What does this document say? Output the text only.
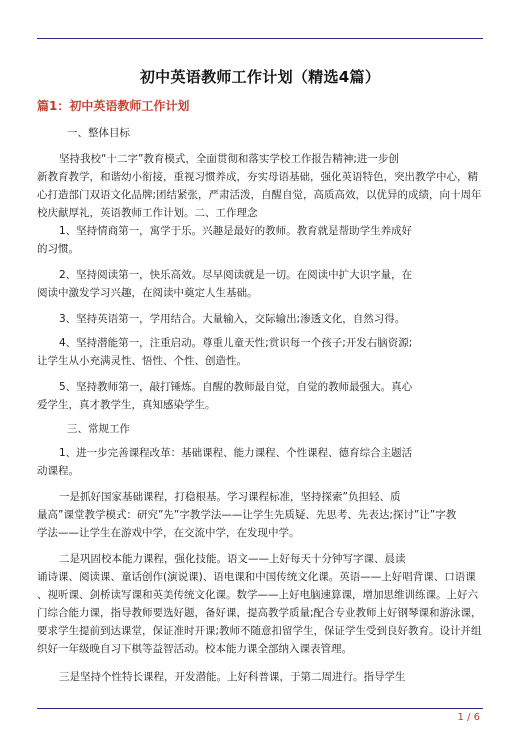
初中英语教师工作计划（精选4篇）
篇1：初中英语教师工作计划
一、整体目标
坚持我校“十二字”教育模式，全面贯彻和落实学校工作报告精神;进一步创
新教育教学，和谐幼小衔接，重视习惯养成，夯实母语基础，强化英语特色，突出教学中心，精
心打造部门双语文化品牌;团结紧张，严肃活泼，自醒自觉，高质高效，以优异的成绩，向十周年
校庆献厚礼，英语教师工作计划。二、工作理念
1、坚持情商第一，寓学于乐。兴趣是最好的教师。教育就是帮助学生养成好
的习惯。
2、坚持阅读第一，快乐高效。尽早阅读就是一切。在阅读中扩大识字量，在
阅读中激发学习兴趣，在阅读中奠定人生基础。
3、坚持英语第一，学用结合。大量输入，交际输出;渗透文化，自然习得。
4、坚持潜能第一，注重启动。尊重儿童天性;赏识每一个孩子;开发右脑资源;
让学生从小充满灵性、悟性、个性、创造性。
5、坚持教师第一，敲打锤炼。自醒的教师最自觉，自觉的教师最强大。真心
爱学生，真才教学生，真知感染学生。
三、常规工作
1、进一步完善课程改革：基础课程、能力课程、个性课程、德育综合主题活
动课程。
一是抓好国家基础课程，打稳根基。学习课程标准，坚持探索”负担轻、质
量高”课堂教学模式：研究”先”字教学法——让学生先质疑、先思考、先表达;探讨”让”字教
学法——让学生在游戏中学，在交流中学，在发现中学。
二是巩固校本能力课程，强化技能。语文——上好每天十分钟写字课、晨读
诵诗课、阅读课、童话创作(演说课)、语电课和中国传统文化课。英语——上好唱背课、口语课
、视听课、剑桥读写课和英美传统文化课。数学——上好电脑速算课，增加思维训练课。上好六
门综合能力课，指导教师要选好题，备好课，提高教学质量;配合专业教师上好钢琴课和游泳课，
要求学生提前到达课堂，保证准时开课;教师不随意扣留学生，保证学生受到良好教育。设计并组
织好一年级晚自习下棋等益智活动。校本能力课全部纳入课表管理。
三是坚持个性特长课程，开发潜能。上好科普课，于第二周进行。指导学生
1 / 6
